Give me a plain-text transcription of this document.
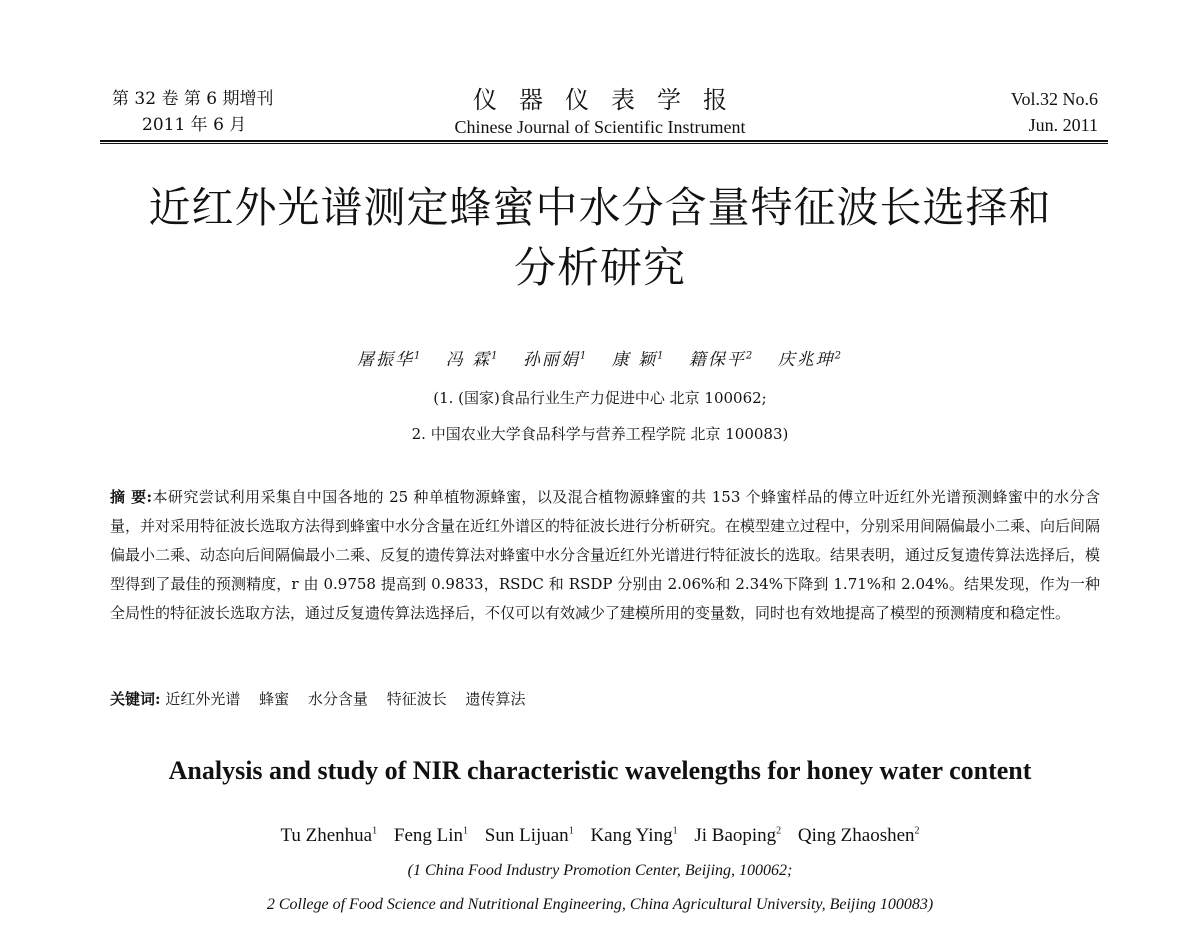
第 32 卷 第 6 期增刊
2011 年 6 月
仪器仪表学报
Chinese Journal of Scientific Instrument
Vol.32 No.6
Jun. 2011
近红外光谱测定蜂蜜中水分含量特征波长选择和
分析研究
屠振华$^1$ 冯 霖$^1$ 孙丽娟$^1$ 康 颖$^1$ 籍保平$^2$ 庆兆珅$^2$
(1. (国家)食品行业生产力促进中心 北京 100062;
2. 中国农业大学食品科学与营养工程学院 北京 100083)
摘 要:本研究尝试利用采集自中国各地的 25 种单植物源蜂蜜，以及混合植物源蜂蜜的共 153 个蜂蜜样品的傅立叶近红外光谱预测蜂蜜中的水分含量，并对采用特征波长选取方法得到蜂蜜中水分含量在近红外谱区的特征波长进行分析研究。在模型建立过程中，分别采用间隔偏最小二乘、向后间隔偏最小二乘、动态向后间隔偏最小二乘、反复的遗传算法对蜂蜜中水分含量近红外光谱进行特征波长的选取。结果表明，通过反复遗传算法选择后，模型得到了最佳的预测精度，r 由 0.9758 提高到 0.9833，RSDC 和 RSDP 分别由 2.06%和 2.34%下降到 1.71%和 2.04%。结果发现，作为一种全局性的特征波长选取方法，通过反复遗传算法选择后，不仅可以有效减少了建模所用的变量数，同时也有效地提高了模型的预测精度和稳定性。
关键词: 近红外光谱 蜂蜜 水分含量 特征波长 遗传算法
Analysis and study of NIR characteristic wavelengths for honey water content
Tu Zhenhua$^1$ Feng Lin$^1$ Sun Lijuan$^1$ Kang Ying$^1$ Ji Baoping$^2$ Qing Zhaoshen$^2$
(1 China Food Industry Promotion Center, Beijing, 100062;
2 College of Food Science and Nutritional Engineering, China Agricultural University, Beijing 100083)
